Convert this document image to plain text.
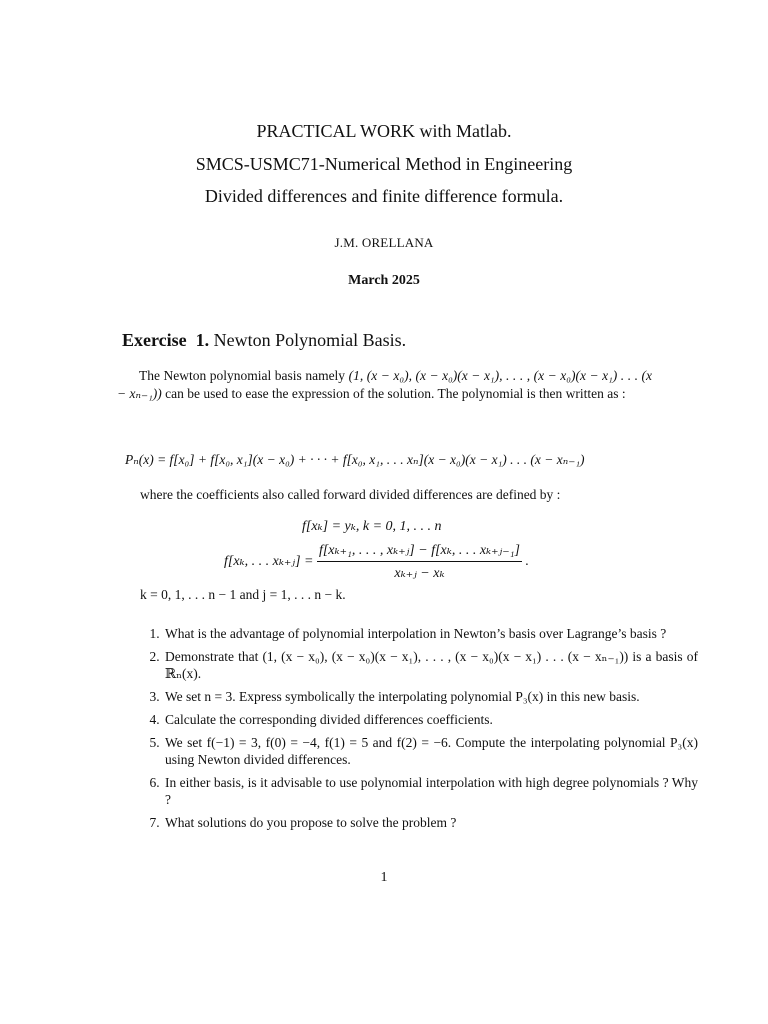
PRACTICAL WORK with Matlab.
SMCS-USMC71-Numerical Method in Engineering
Divided differences and finite difference formula.
J.M. ORELLANA
March 2025
Exercise 1. Newton Polynomial Basis.
The Newton polynomial basis namely (1, (x − x₀), (x − x₀)(x − x₁), . . . , (x − x₀)(x − x₁) . . . (x − xₙ₋₁)) can be used to ease the expression of the solution. The polynomial is then written as :
Pₙ(x) = f[x₀] + f[x₀, x₁](x − x₀) + · · · + f[x₀, x₁, . . . xₙ](x − x₀)(x − x₁) . . . (x − xₙ₋₁)
where the coefficients also called forward divided differences are defined by :
f[xₖ] = yₖ, k = 0, 1, . . . n
f[xₖ, . . . xₖ₊ⱼ] = $\frac{\text{f[xₖ₊₁, . . . , xₖ₊ⱼ] − f[xₖ, . . . xₖ₊ⱼ₋₁]}}{\text{xₖ₊ⱼ − xₖ}}$ .
k = 0, 1, . . . n − 1 and j = 1, . . . n − k.
1. What is the advantage of polynomial interpolation in Newton’s basis over Lagrange’s basis ?
2. Demonstrate that (1, (x − x₀), (x − x₀)(x − x₁), . . . , (x − x₀)(x − x₁) . . . (x − xₙ₋₁)) is a basis of ℝₙ(x).
3. We set n = 3. Express symbolically the interpolating polynomial P₃(x) in this new basis.
4. Calculate the corresponding divided differences coefficients.
5. We set f(−1) = 3, f(0) = −4, f(1) = 5 and f(2) = −6. Compute the interpolating polynomial P₃(x) using Newton divided differences.
6. In either basis, is it advisable to use polynomial interpolation with high degree polynomials ? Why ?
7. What solutions do you propose to solve the problem ?
1
